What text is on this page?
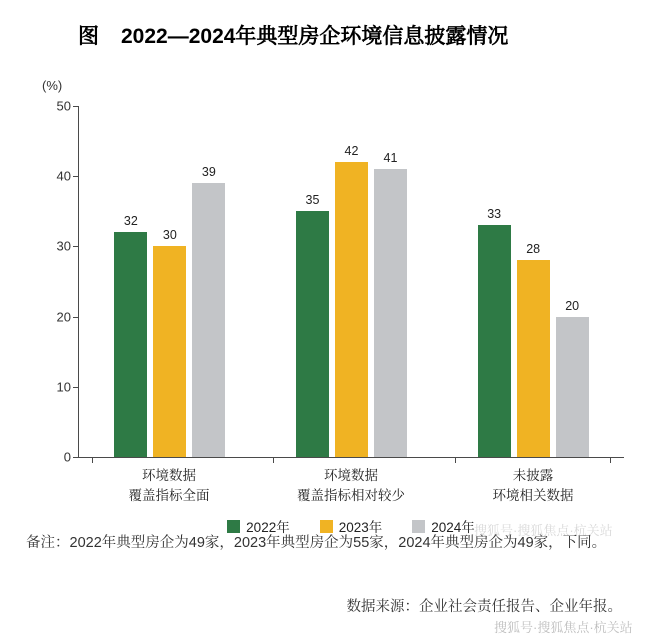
图 2022—2024年典型房企环境信息披露情况
(%)
50
40
30
20
10
0
32
30
39
35
42
41
33
28
20
环境数据
覆盖指标全面
环境数据
覆盖指标相对较少
未披露
环境相关数据
2022年	2023年	2024年
备注：2022年典型房企为49家，2023年典型房企为55家，2024年典型房企为49家，下同。
数据来源：企业社会责任报告、企业年报。
搜狐号·搜狐焦点·杭关站
搜狐号·搜狐焦点·杭关站
